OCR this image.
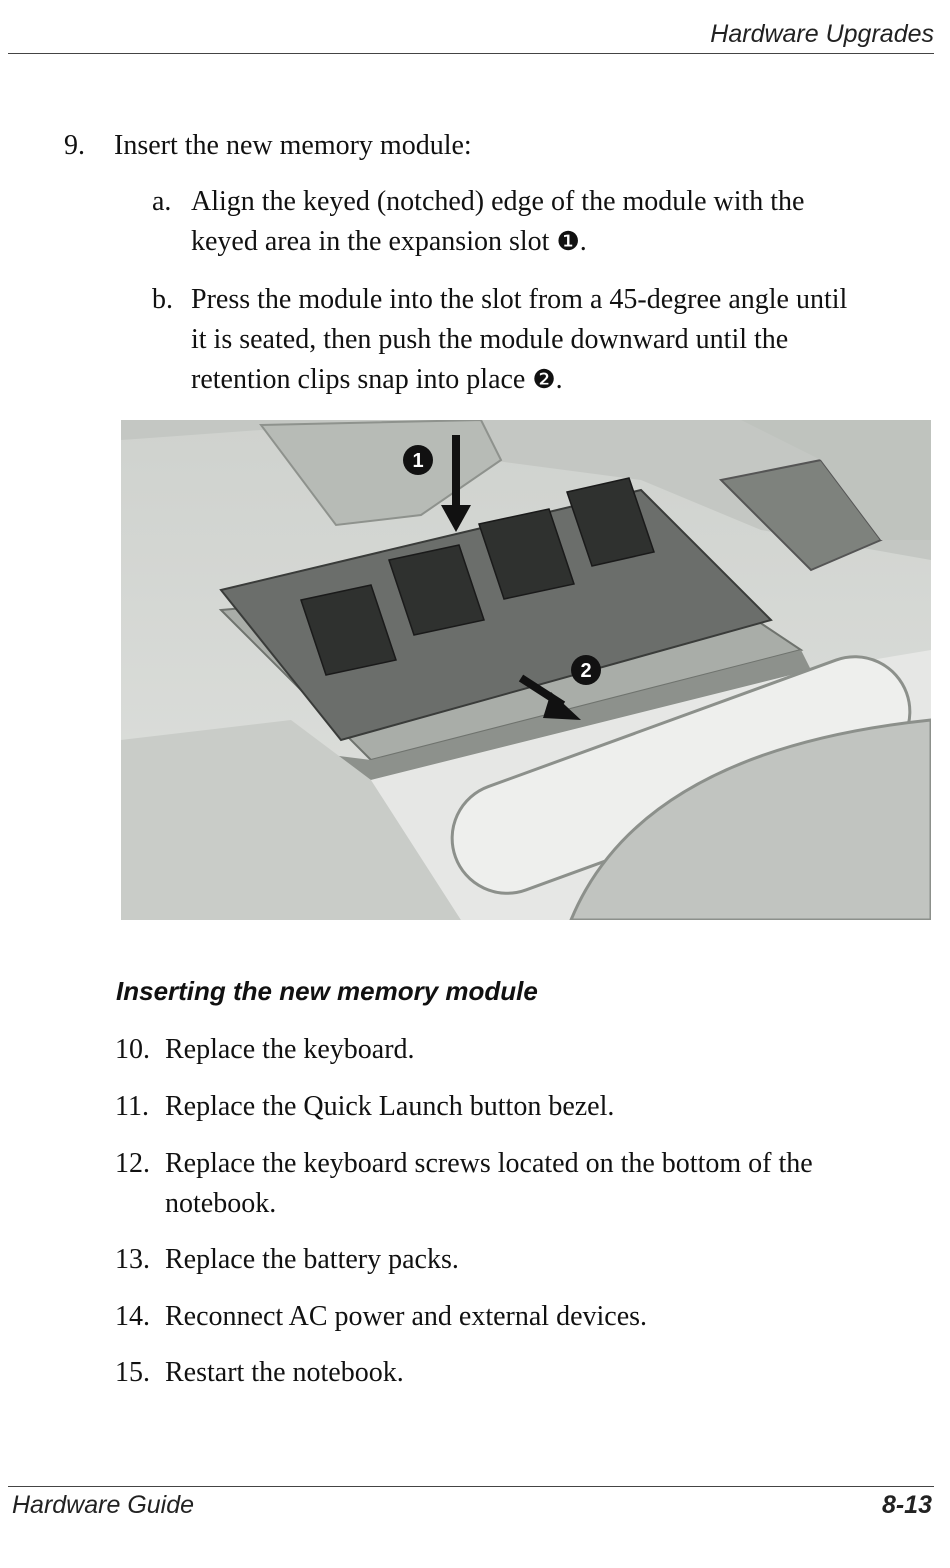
Hardware Upgrades
9.	Insert the new memory module:
a. Align the keyed (notched) edge of the module with the
keyed area in the expansion slot ❶.
b. Press the module into the slot from a 45-degree angle until
it is seated, then push the module downward until the
retention clips snap into place ❷.
1
2
Inserting the new memory module
10. Replace the keyboard.
11. Replace the Quick Launch button bezel.
12. Replace the keyboard screws located on the bottom of the
notebook.
13. Replace the battery packs.
14. Reconnect AC power and external devices.
15. Restart the notebook.
Hardware Guide	8-13
